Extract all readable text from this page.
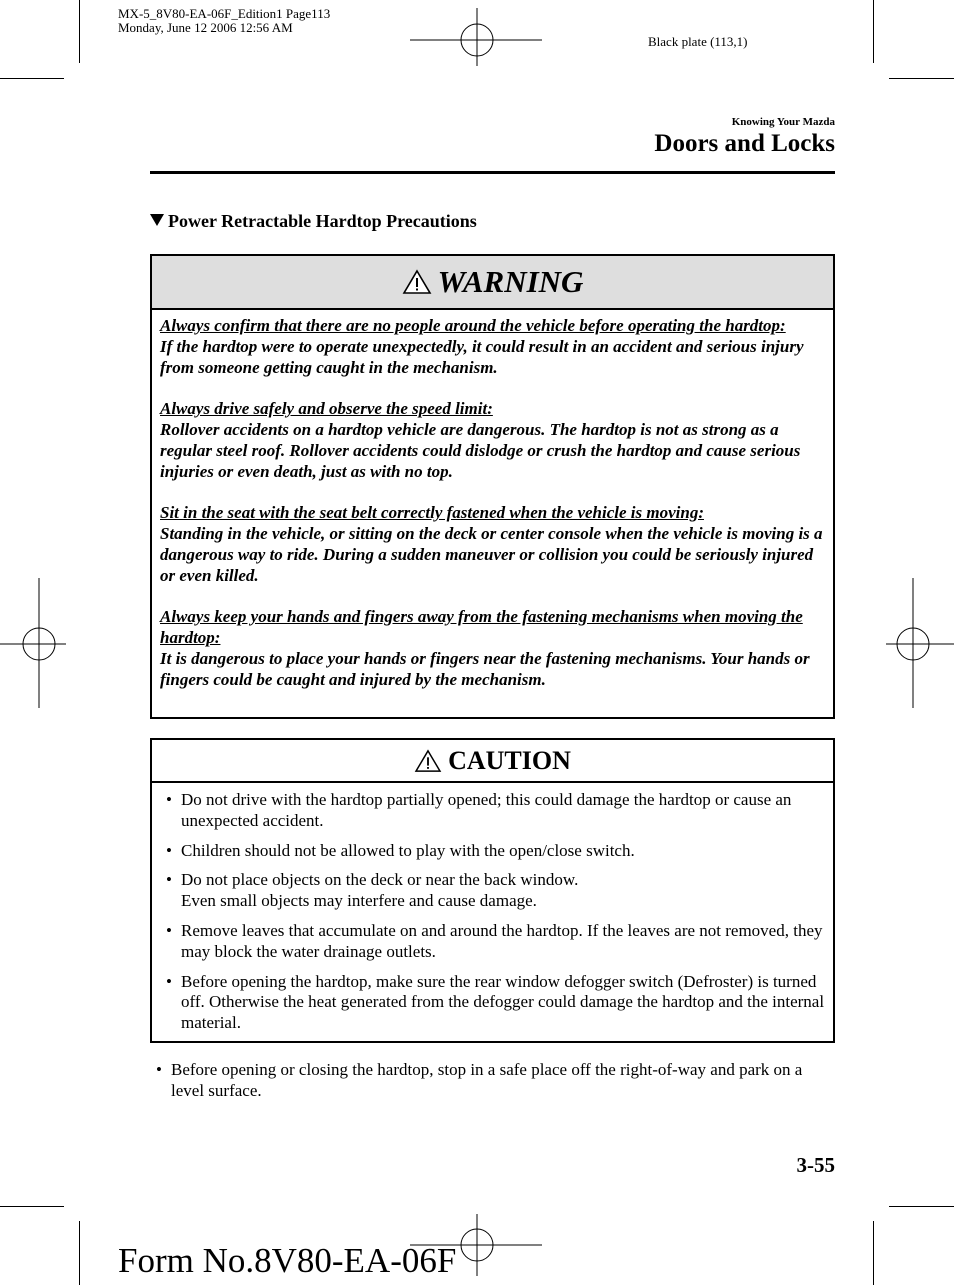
MX-5_8V80-EA-06F_Edition1 Page113
Monday, June 12 2006 12:56 AM
Black plate (113,1)
Knowing Your Mazda
Doors and Locks
Power Retractable Hardtop Precautions
WARNING
Always confirm that there are no people around the vehicle before operating the hardtop:
If the hardtop were to operate unexpectedly, it could result in an accident and serious injury from someone getting caught in the mechanism.
Always drive safely and observe the speed limit:
Rollover accidents on a hardtop vehicle are dangerous. The hardtop is not as strong as a regular steel roof. Rollover accidents could dislodge or crush the hardtop and cause serious injuries or even death, just as with no top.
Sit in the seat with the seat belt correctly fastened when the vehicle is moving:
Standing in the vehicle, or sitting on the deck or center console when the vehicle is moving is a dangerous way to ride. During a sudden maneuver or collision you could be seriously injured or even killed.
Always keep your hands and fingers away from the fastening mechanisms when moving the hardtop:
It is dangerous to place your hands or fingers near the fastening mechanisms. Your hands or fingers could be caught and injured by the mechanism.
CAUTION
• Do not drive with the hardtop partially opened; this could damage the hardtop or cause an unexpected accident.
• Children should not be allowed to play with the open/close switch.
• Do not place objects on the deck or near the back window.
Even small objects may interfere and cause damage.
• Remove leaves that accumulate on and around the hardtop. If the leaves are not removed, they may block the water drainage outlets.
• Before opening the hardtop, make sure the rear window defogger switch (Defroster) is turned off. Otherwise the heat generated from the defogger could damage the hardtop and the internal material.
• Before opening or closing the hardtop, stop in a safe place off the right-of-way and park on a level surface.
3-55
Form No.8V80-EA-06F
